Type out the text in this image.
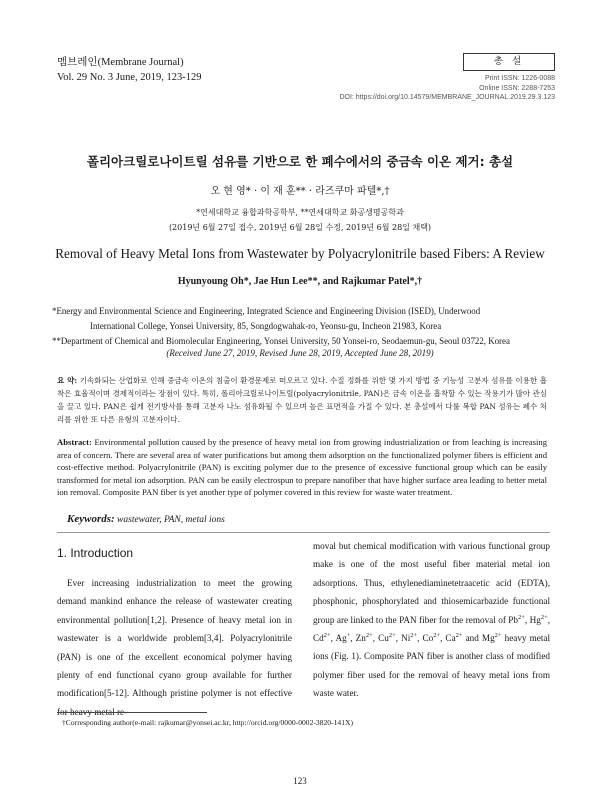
멤브레인(Membrane Journal)
Vol. 29 No. 3 June, 2019, 123-129
총 설
Print ISSN: 1226-0088
Online ISSN: 2288-7253
DOI: https://doi.org/10.14579/MEMBRANE_JOURNAL.2019.29.3.123
폴리아크릴로나이트릴 섬유를 기반으로 한 폐수에서의 중금속 이온 제거: 총설
오 현 영* · 이 재 훈** · 라즈쿠마 파텔*,†
*연세대학교 융합과학공학부, **연세대학교 화공생명공학과
(2019년 6월 27일 접수, 2019년 6월 28일 수정, 2019년 6월 28일 채택)
Removal of Heavy Metal Ions from Wastewater by Polyacrylonitrile based Fibers: A Review
Hyunyoung Oh*, Jae Hun Lee**, and Rajkumar Patel*,†

*Energy and Environmental Science and Engineering, Integrated Science and Engineering Division (ISED), Underwood

International College, Yonsei University, 85, Songdogwahak-ro, Yeonsu-gu, Incheon 21983, Korea

**Department of Chemical and Biomolecular Engineering, Yonsei University, 50 Yonsei-ro, Seodaemun-gu, Seoul 03722, Korea

(Received June 27, 2019, Revised June 28, 2019, Accepted June 28, 2019)
요 약: 기속화되는 산업화로 인해 중금속 이온의 침출이 환경문제로 떠오르고 있다. 수질 정화를 위한 몇 가지 방법 중 기능성 고분자 섬유를 이용한 흡착은 효율적이며 경제적이라는 장점이 있다. 특히, 폴리아크릴로나이트릴(polyacrylonitrile, PAN)은 금속 이온을 흡착할 수 있는 작용기가 많아 관심을 끌고 있다. PAN은 쉽게 전기방사를 통해 고분자 나노 섬유화될 수 있으며 높은 표면적을 가질 수 있다. 본 총설에서 다룰 복합 PAN 섬유는 폐수 처리를 위한 또 다른 유형의 고분자이다.
Abstract: Environmental pollution caused by the presence of heavy metal ion from growing industrialization or from leaching is increasing area of concern. There are several area of water purifications but among them adsorption on the functionalized polymer fibers is efficient and cost-effective method. Polyacrylonitrile (PAN) is exciting polymer due to the presence of excessive functional group which can be easily transformed for metal ion adsorption. PAN can be easily electrospun to prepare nanofiber that have higher surface area leading to better metal ion removal. Composite PAN fiber is yet another type of polymer covered in this review for waste water treatment.
Keywords: wastewater, PAN, metal ions
1. Introduction

Ever increasing industrialization to meet the growing demand mankind enhance the release of wastewater creating environmental pollution[1,2]. Presence of heavy metal ion in wastewater is a worldwide problem[3,4]. Polyacrylonitrile (PAN) is one of the excellent economical polymer having plenty of end functional cyano group available for further modification[5-12]. Although pristine polymer is not effective for heavy metal re-

moval but chemical modification with various functional group make is one of the most useful fiber material metal ion adsorptions. Thus, ethylenediaminetetraacetic acid (EDTA), phosphonic, phosphorylated and thiosemicarbazide functional group are linked to the PAN fiber for the removal of $Pb^{2+}$, $Hg^{2+}$, $Cd^{2+}$, Ag+, $Zn^{2+}$, $Cu^{2+}$, $Ni^{2+}$, $Co^{2+}$, $Ca^{2+}$ and $Mg^{2+}$ heavy metal ions (Fig. 1). Composite PAN fiber is another class of modified polymer fiber used for the removal of heavy metal ions from waste water.
†Corresponding author(e-mail: rajkumar@yonsei.ac.kr, http://orcid.org/0000-0002-3820-141X)
123
